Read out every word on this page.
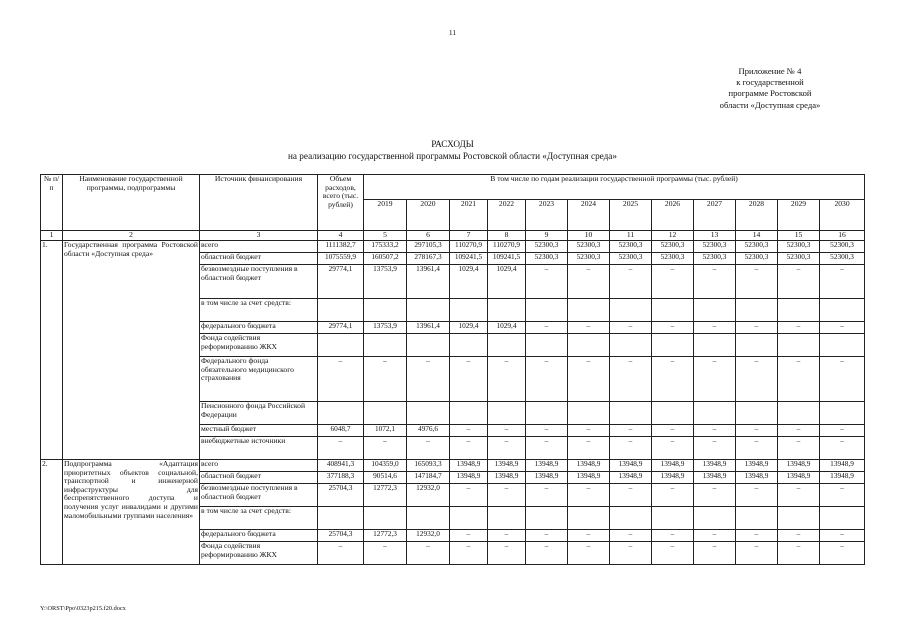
11
Приложение № 4
к государственной
программе Ростовской
области «Доступная среда»
РАСХОДЫ
на реализацию государственной программы Ростовской области «Доступная среда»
№ п/п	Наименование государственной программы, подпрограммы	Источник финансирования	Объем расходов, всего (тыс. рублей)	В том числе по годам реализации государственной программы (тыс. рублей)											
				2019	2020	2021	2022	2023	2024	2025	2026	2027	2028	2029	2030
1	2	3	4	5	6	7	8	9	10	11	12	13	14	15	16
1.	Государственная программа Ростовской области «Доступная среда»	всего	1111382,7	175333,2	297105,3	110270,9	110270,9	52300,3	52300,3	52300,3	52300,3	52300,3	52300,3	52300,3	52300,3
		областной бюджет	1075559,9	160507,2	278167,3	109241,5	109241,5	52300,3	52300,3	52300,3	52300,3	52300,3	52300,3	52300,3	52300,3
		безвозмездные поступления в областной бюджет	29774,1	13753,9	13961,4	1029,4	1029,4	–	–	–	–	–	–	–	–
		в том числе за счет средств:													
		федерального бюджета	29774,1	13753,9	13961,4	1029,4	1029,4	–	–	–	–	–	–	–	–
		Фонда содействия реформированию ЖКХ													
		Федерального фонда обязательного медицинского страхования	–	–	–	–	–	–	–	–	–	–	–	–	–
		Пенсионного фонда Российской Федерации													
		местный бюджет	6048,7	1072,1	4976,6	–	–	–	–	–	–	–	–	–	–
		внебюджетные источники	–	–	–	–	–	–	–	–	–	–	–	–	–
2.	Подпрограмма «Адаптация приоритетных объектов социальной, транспортной и инженерной инфраструктуры для беспрепятственного доступа и получения услуг инвалидами и другими маломобильными группами населения»	всего	408941,3	104359,0	165093,3	13948,9	13948,9	13948,9	13948,9	13948,9	13948,9	13948,9	13948,9	13948,9	13948,9
		областной бюджет	377188,3	90514,6	147184,7	13948,9	13948,9	13948,9	13948,9	13948,9	13948,9	13948,9	13948,9	13948,9	13948,9
		безвозмездные поступления в областной бюджет	25704,3	12772,3	12932,0	–	–	–	–	–	–	–	–	–	–
		в том числе за счет средств:													
		федерального бюджета	25704,3	12772,3	12932,0	–	–	–	–	–	–	–	–	–	–
		Фонда содействия реформированию ЖКХ	–	–	–	–	–	–	–	–	–	–	–	–	–
Y:\ORST\Ppo\0323p215.f20.docx
